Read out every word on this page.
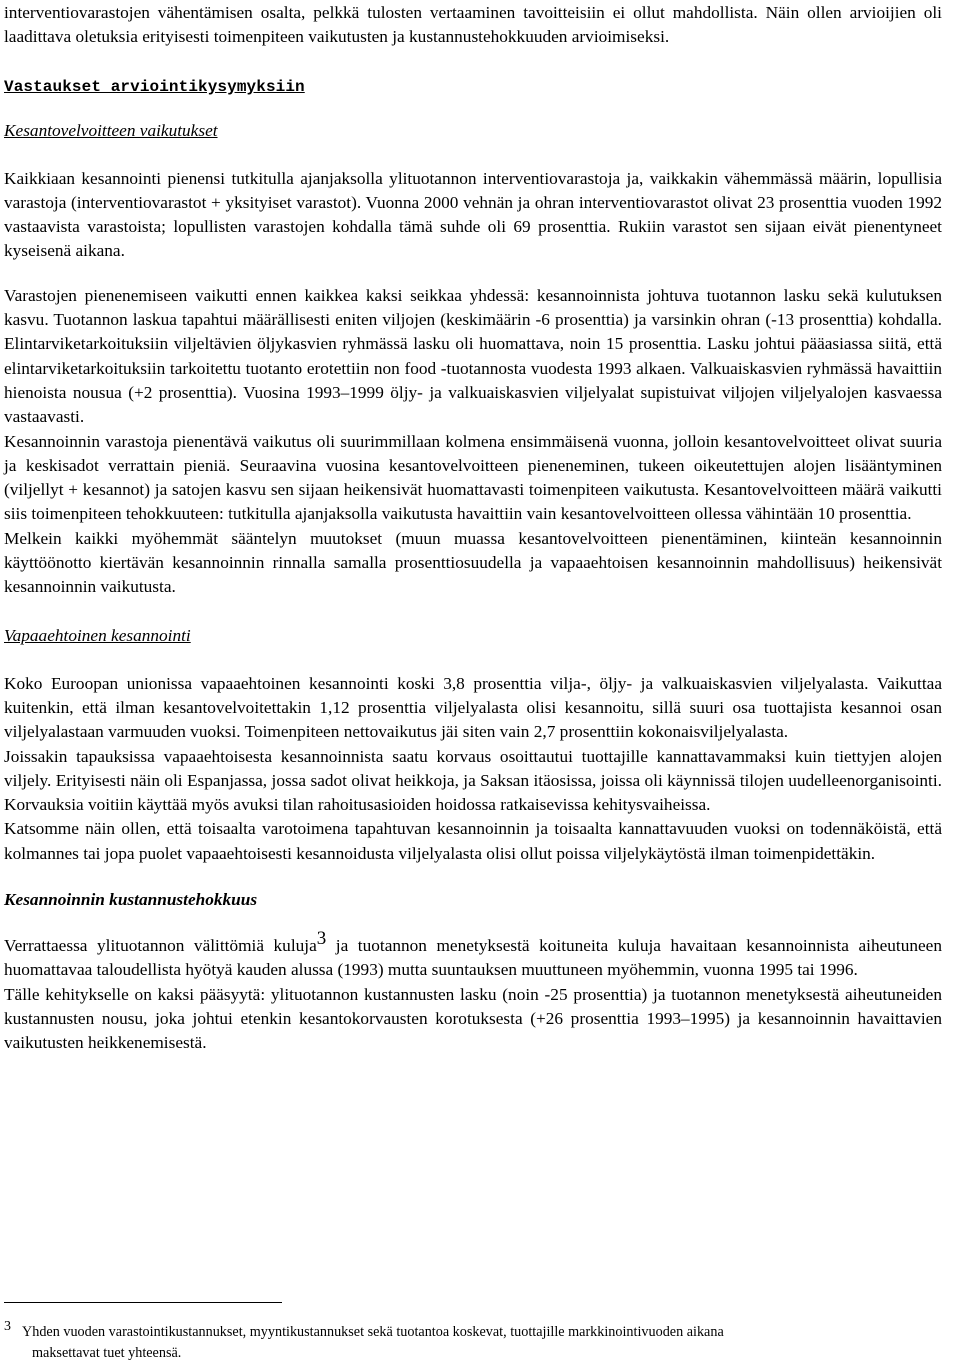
interventiovarastojen vähentämisen osalta, pelkkä tulosten vertaaminen tavoitteisiin ei ollut mahdollista. Näin ollen arvioijien oli laadittava oletuksia erityisesti toimenpiteen vaikutusten ja kustannustehokkuuden arvioimiseksi.

Vastaukset arviointikysymyksiin
Kesantovelvoitteen vaikutukset

Kaikkiaan kesannointi pienensi tutkitulla ajanjaksolla ylituotannon interventiovarastoja ja, vaikkakin vähemmässä määrin, lopullisia varastoja (interventiovarastot + yksityiset varastot). Vuonna 2000 vehnän ja ohran interventiovarastot olivat 23 prosenttia vuoden 1992 vastaavista varastoista; lopullisten varastojen kohdalla tämä suhde oli 69 prosenttia. Rukiin varastot sen sijaan eivät pienentyneet kyseisenä aikana.

Varastojen pienenemiseen vaikutti ennen kaikkea kaksi seikkaa yhdessä: kesannoinnista johtuva tuotannon lasku sekä kulutuksen kasvu. Tuotannon laskua tapahtui määrällisesti eniten viljojen (keskimäärin -6 prosenttia) ja varsinkin ohran (-13 prosenttia) kohdalla. Elintarviketarkoituksiin viljeltävien öljykasvien ryhmässä lasku oli huomattava, noin 15 prosenttia. Lasku johtui pääasiassa siitä, että elintarviketarkoituksiin tarkoitettu tuotanto erotettiin non food -tuotannosta vuodesta 1993 alkaen. Valkuaiskasvien ryhmässä havaittiin hienoista nousua (+2 prosenttia). Vuosina 1993–1999 öljy- ja valkuaiskasvien viljelyalat supistuivat viljojen viljelyalojen kasvaessa vastaavasti.

Kesannoinnin varastoja pienentävä vaikutus oli suurimmillaan kolmena ensimmäisenä vuonna, jolloin kesantovelvoitteet olivat suuria ja keskisadot verrattain pieniä. Seuraavina vuosina kesantovelvoitteen pieneneminen, tukeen oikeutettujen alojen lisääntyminen (viljellyt + kesannot) ja satojen kasvu sen sijaan heikensivät huomattavasti toimenpiteen vaikutusta. Kesantovelvoitteen määrä vaikutti siis toimenpiteen tehokkuuteen: tutkitulla ajanjaksolla vaikutusta havaittiin vain kesantovelvoitteen ollessa vähintään 10 prosenttia.

Melkein kaikki myöhemmät sääntelyn muutokset (muun muassa kesantovelvoitteen pienentäminen, kiinteän kesannoinnin käyttöönotto kiertävän kesannoinnin rinnalla samalla prosenttiosuudella ja vapaaehtoisen kesannoinnin mahdollisuus) heikensivät kesannoinnin vaikutusta.

Vapaaehtoinen kesannointi

Koko Euroopan unionissa vapaaehtoinen kesannointi koski 3,8 prosenttia vilja-, öljy- ja valkuaiskasvien viljelyalasta. Vaikuttaa kuitenkin, että ilman kesantovelvoitettakin 1,12 prosenttia viljelyalasta olisi kesannoitu, sillä suuri osa tuottajista kesannoi osan viljelyalastaan varmuuden vuoksi. Toimenpiteen nettovaikutus jäi siten vain 2,7 prosenttiin kokonaisviljelyalasta.

Joissakin tapauksissa vapaaehtoisesta kesannoinnista saatu korvaus osoittautui tuottajille kannattavammaksi kuin tiettyjen alojen viljely. Erityisesti näin oli Espanjassa, jossa sadot olivat heikkoja, ja Saksan itäosissa, joissa oli käynnissä tilojen uudelleenorganisointi. Korvauksia voitiin käyttää myös avuksi tilan rahoitusasioiden hoidossa ratkaisevissa kehitysvaiheissa.

Katsomme näin ollen, että toisaalta varotoimena tapahtuvan kesannoinnin ja toisaalta kannattavuuden vuoksi on todennäköistä, että kolmannes tai jopa puolet vapaaehtoisesti kesannoidusta viljelyalasta olisi ollut poissa viljelykäytöstä ilman toimenpidettäkin.

Kesannoinnin kustannustehokkuus

Verrattaessa ylituotannon välittömiä kuluja$^3$ ja tuotannon menetyksestä koituneita kuluja havaitaan kesannoinnista aiheutuneen huomattavaa taloudellista hyötyä kauden alussa (1993) mutta suuntauksen muuttuneen myöhemmin, vuonna 1995 tai 1996.

Tälle kehitykselle on kaksi pääsyytä: ylituotannon kustannusten lasku (noin -25 prosenttia) ja tuotannon menetyksestä aiheutuneiden kustannusten nousu, joka johtui etenkin kesantokorvausten korotuksesta (+26 prosenttia 1993–1995) ja kesannoinnin havaittavien vaikutusten heikkenemisestä.

3 Yhden vuoden varastointikustannukset, myyntikustannukset sekä tuotantoa koskevat, tuottajille markkinointivuoden aikana
maksettavat tuet yhteensä.
